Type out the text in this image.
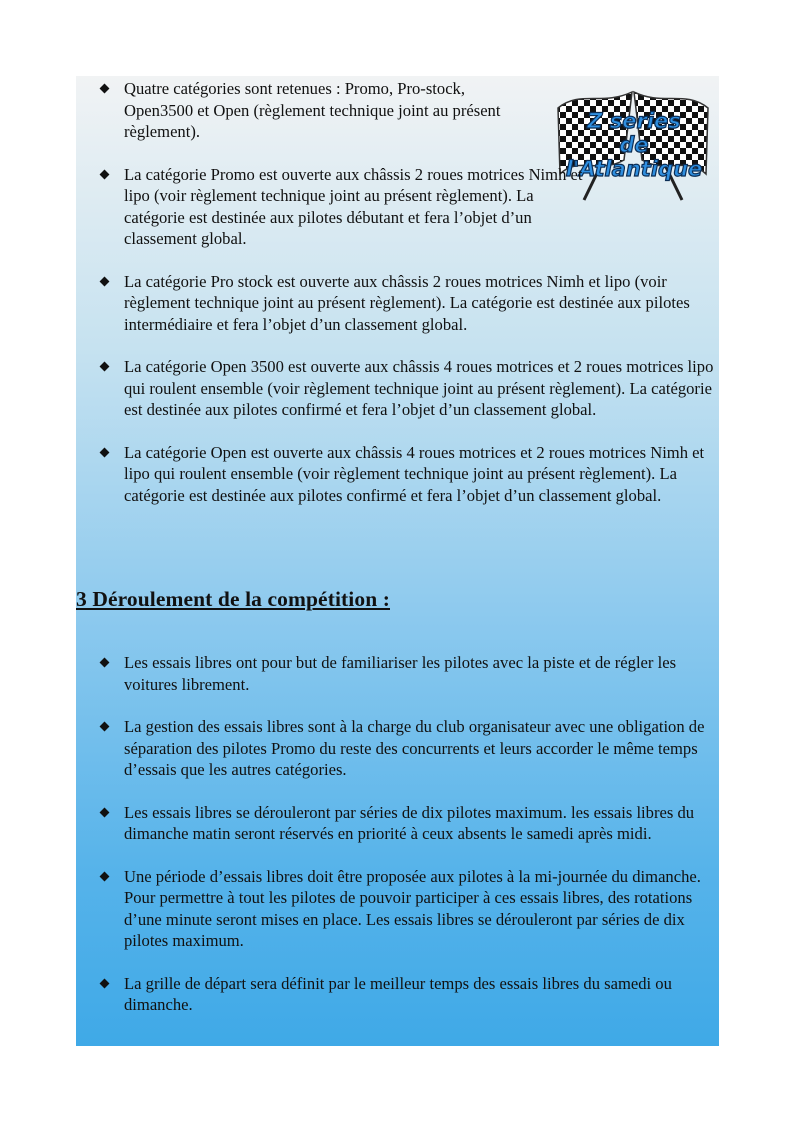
Z series
de
l'Atlantique
Quatre catégories sont retenues : Promo, Pro-stock, Open3500 et Open (règlement technique joint au présent règlement).
La catégorie Promo est ouverte aux châssis 2 roues motrices Nimh et lipo (voir règlement technique joint au présent règlement). La catégorie est destinée aux pilotes débutant et fera l’objet d’un classement global.
La catégorie Pro stock est ouverte aux châssis 2 roues motrices Nimh et lipo (voir règlement technique joint au présent règlement). La catégorie est destinée aux pilotes intermédiaire et fera l’objet d’un classement global.
La catégorie Open 3500 est ouverte aux châssis 4 roues motrices et 2 roues motrices lipo qui roulent ensemble (voir règlement technique joint au présent règlement). La catégorie est destinée aux pilotes confirmé et fera l’objet d’un classement global.
La catégorie Open est ouverte aux châssis 4 roues motrices et 2 roues motrices Nimh et lipo qui roulent ensemble (voir règlement technique joint au présent règlement). La catégorie est destinée aux pilotes confirmé et fera l’objet d’un classement global.
3 Déroulement de la compétition :
Les essais libres ont pour but de familiariser les pilotes avec la piste et de régler les voitures librement.
La gestion des essais libres sont à la charge du club organisateur avec une obligation de séparation des pilotes Promo du reste des concurrents et leurs accorder le même temps d’essais que les autres catégories.
Les essais libres se dérouleront par séries de dix pilotes maximum. les essais libres du dimanche matin seront réservés en priorité à ceux absents le samedi après midi.
Une période d’essais libres doit être proposée aux pilotes à la mi-journée du dimanche. Pour permettre à tout les pilotes de pouvoir participer à ces essais libres, des rotations d’une minute seront mises en place. Les essais libres se dérouleront par séries de dix pilotes maximum.
La grille de départ sera définit par le meilleur temps des essais libres du samedi ou dimanche.
